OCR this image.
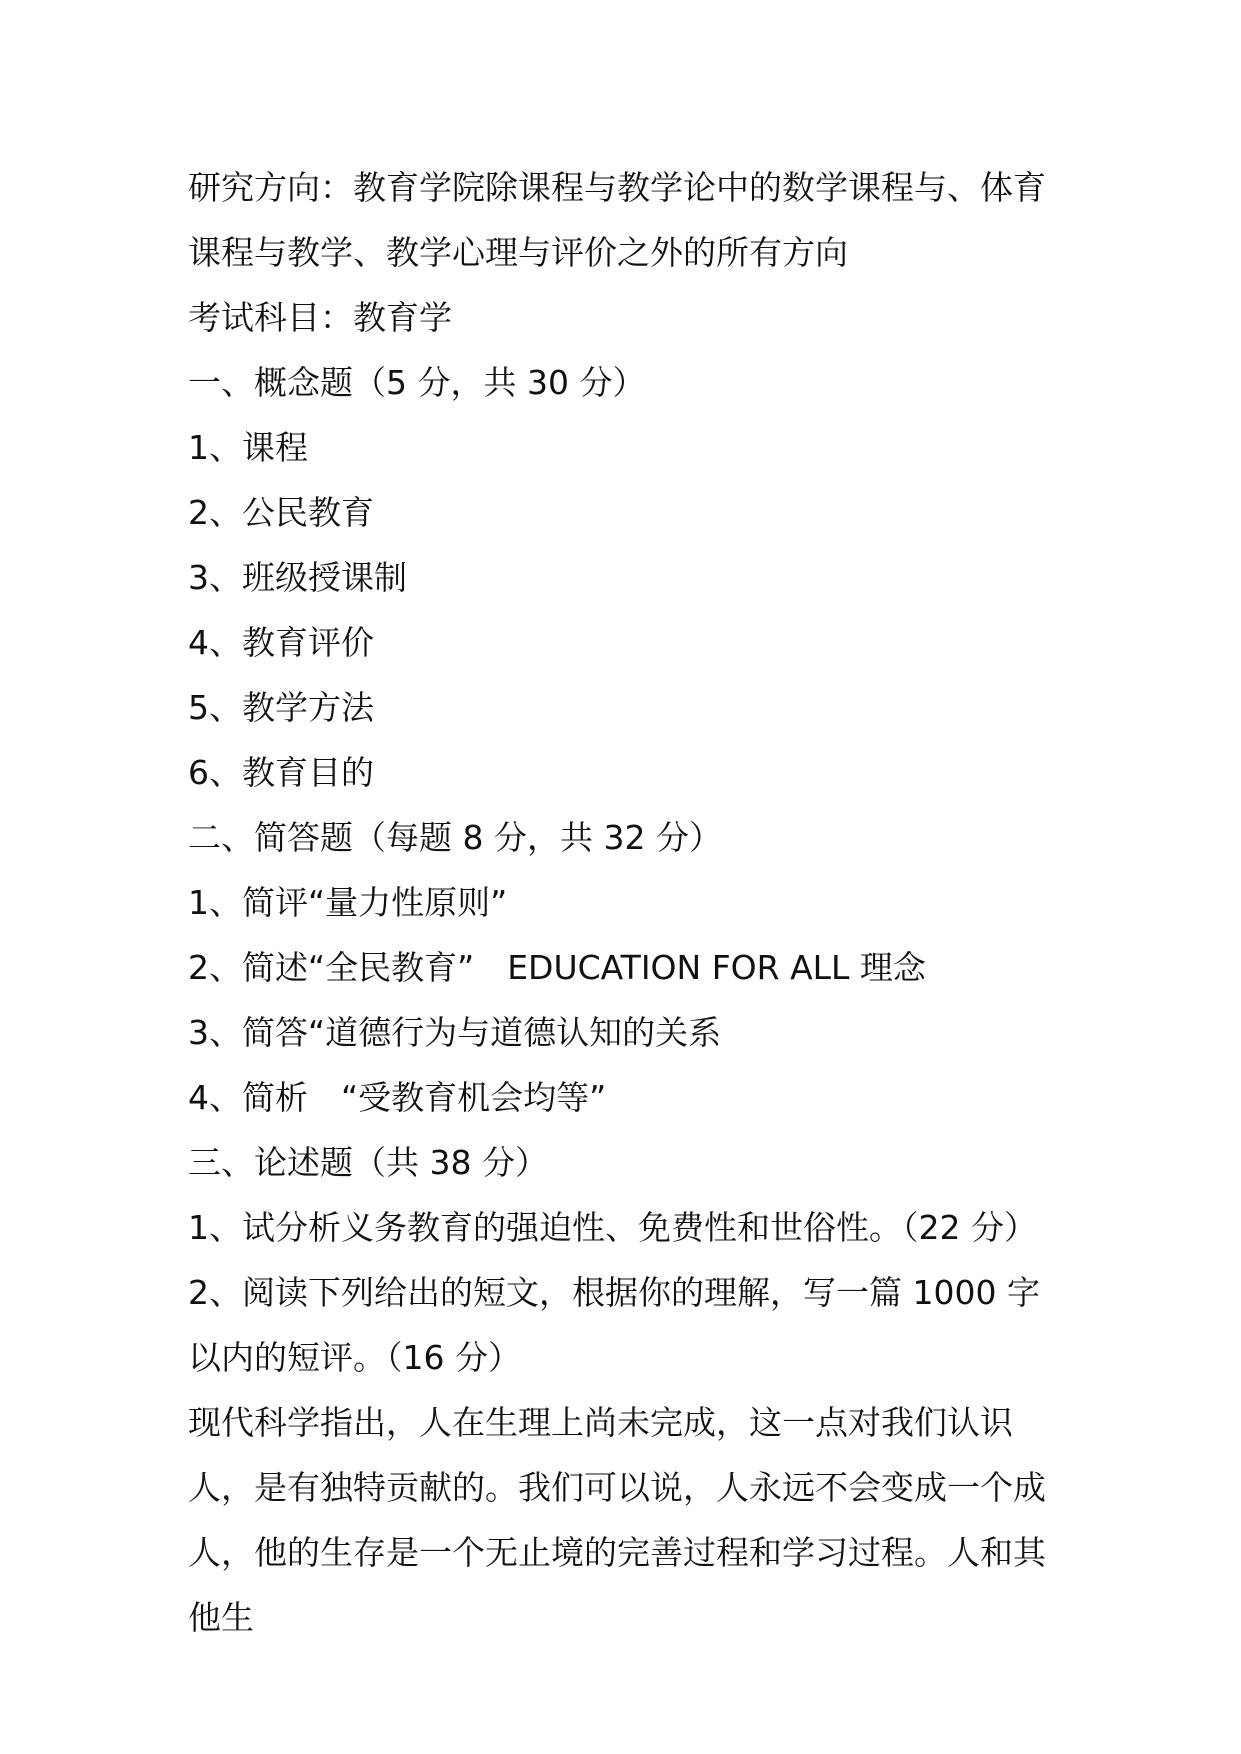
研究方向：教育学院除课程与教学论中的数学课程与、体育课程与教学、教学心理与评价之外的所有方向

考试科目：教育学

一、概念题（5 分，共 30 分）

1、课程

2、公民教育

3、班级授课制

4、教育评价

5、教学方法

6、教育目的

二、简答题（每题 8 分，共 32 分）

1、简评“量力性原则”

2、简述“全民教育”　EDUCATION FOR ALL 理念

3、简答“道德行为与道德认知的关系

4、简析　“受教育机会均等”

三、论述题（共 38 分）

1、试分析义务教育的强迫性、免费性和世俗性。（22 分）

2、阅读下列给出的短文，根据你的理解，写一篇 1000 字以内的短评。（16 分）

现代科学指出，人在生理上尚未完成，这一点对我们认识人，是有独特贡献的。我们可以说，人永远不会变成一个成人，他的生存是一个无止境的完善过程和学习过程。人和其他生
